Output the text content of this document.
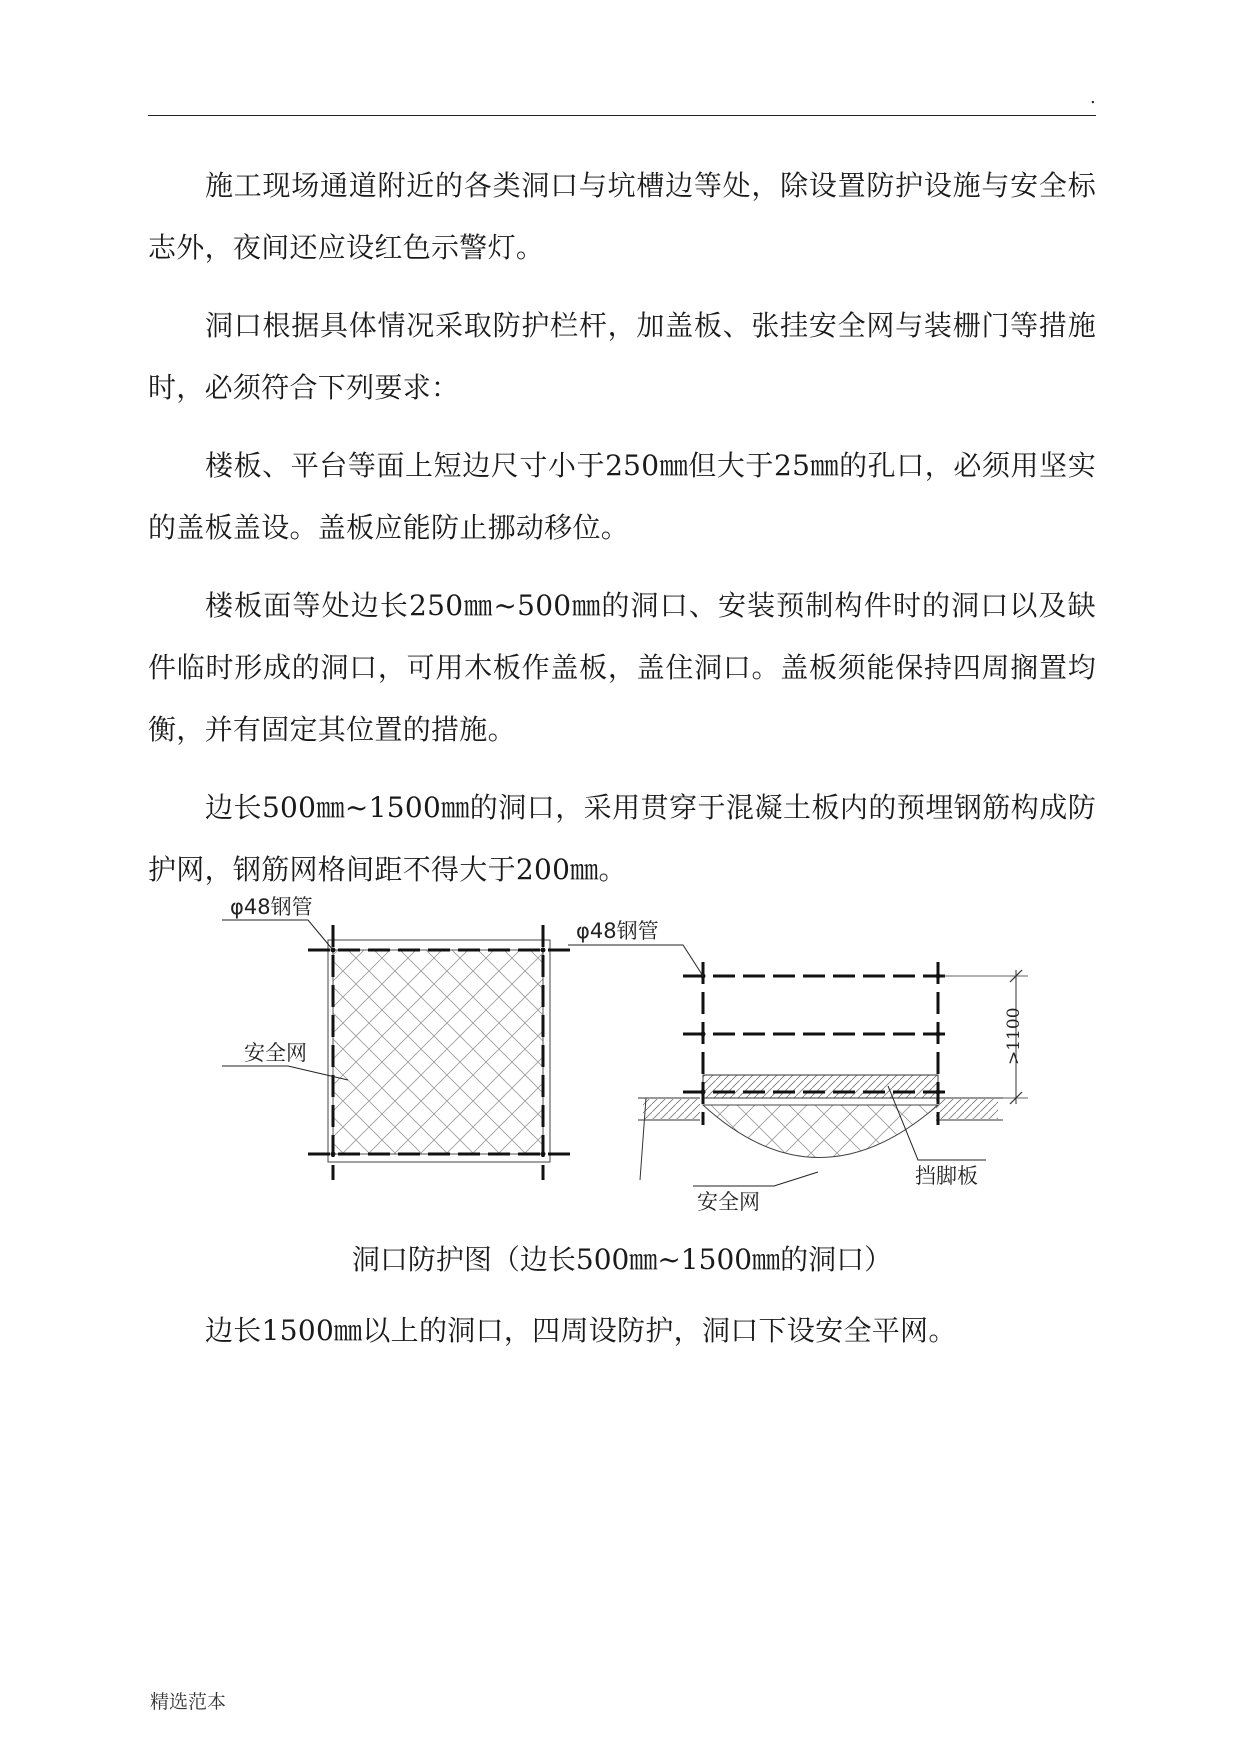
.

施工现场通道附近的各类洞口与坑槽边等处，除设置防护设施与安全标志外，夜间还应设红色示警灯。

洞口根据具体情况采取防护栏杆，加盖板、张挂安全网与装栅门等措施时，必须符合下列要求：

楼板、平台等面上短边尺寸小于250㎜但大于25㎜的孔口，必须用坚实的盖板盖设。盖板应能防止挪动移位。

楼板面等处边长250㎜~500㎜的洞口、安装预制构件时的洞口以及缺件临时形成的洞口，可用木板作盖板，盖住洞口。盖板须能保持四周搁置均衡，并有固定其位置的措施。

边长500㎜~1500㎜的洞口，采用贯穿于混凝土板内的预埋钢筋构成防护网，钢筋网格间距不得大于200㎜。

φ48钢管
安全网	>1100
φ48钢管
挡脚板
安全网
洞口防护图（边长500㎜~1500㎜的洞口）

边长1500㎜以上的洞口，四周设防护，洞口下设安全平网。

精选范本
